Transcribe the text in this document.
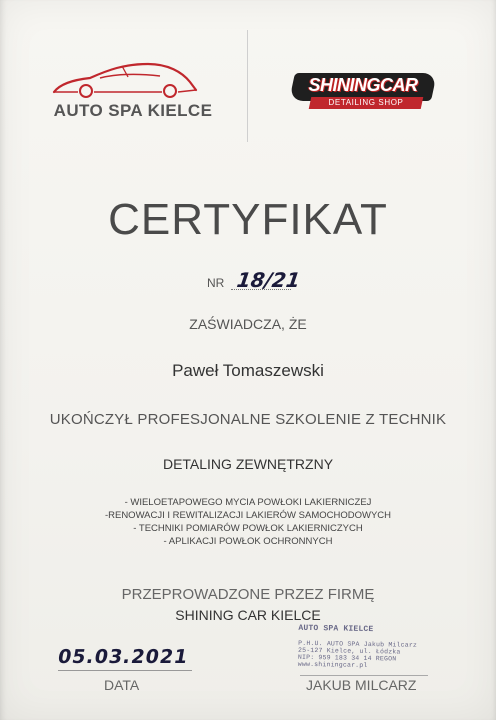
AUTO SPA KIELCE
SHININGCAR
DETAILING SHOP
CERTYFIKAT
NR 18/21
ZAŚWIADCZA, ŻE
Paweł Tomaszewski
UKOŃCZYŁ PROFESJONALNE SZKOLENIE Z TECHNIK
DETALING ZEWNĘTRZNY
- WIELOETAPOWEGO MYCIA POWŁOKI LAKIERNICZEJ
-RENOWACJI I REWITALIZACJI LAKIERÓW SAMOCHODOWYCH
- TECHNIKI POMIARÓW POWŁOK LAKIERNICZYCH
- APLIKACJI POWŁOK OCHRONNYCH
PRZEPROWADZONE PRZEZ FIRMĘ
SHINING CAR KIELCE
05.03.2021
DATA
AUTO SPA KIELCE
P.H.U. AUTO SPA Jakub Milcarz
25-127 Kielce, ul. Łódzka
NIP: 959 183 34 14 REGON
www.shiningcar.pl
JAKUB MILCARZ
